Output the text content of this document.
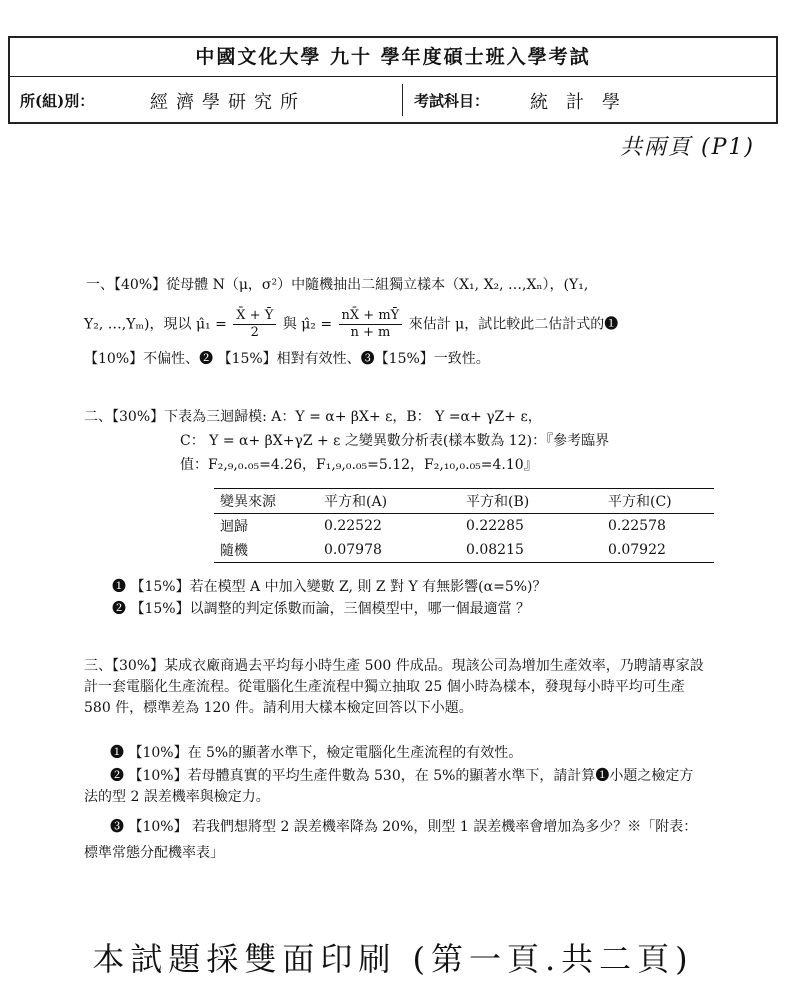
中國文化大學 九十 學年度碩士班入學考試
所(組)別：	經濟學研究所	考試科目： 統計學
共兩頁 (P1)
一、【40%】從母體 N（μ，σ²）中隨機抽出二組獨立樣本（X₁, X₂, …,Xₙ），(Y₁,
Y₂, …,Yₘ)，現以 μ̂₁ = $\frac{X̄ + Ȳ}{2}$ 與 μ̂₂ = $\frac{nX̄ + mȲ}{n + m}$ 來估計 μ，試比較此二估計式的❶
【10%】不偏性、❷ 【15%】相對有效性、❸【15%】一致性。
二、【30%】下表為三迴歸模: A：Y = α+ βX+ ε，B： Y =α+ γZ+ ε，
C： Y = α+ βX+γZ + ε 之變異數分析表(樣本數為 12)：『參考臨界
值：F₂,₉,₀.₀₅=4.26，F₁,₉,₀.₀₅=5.12，F₂,₁₀,₀.₀₅=4.10』
變異來源	平方和(A)	平方和(B)	平方和(C)
迴歸	0.22522	0.22285	0.22578
隨機	0.07978	0.08215	0.07922
❶ 【15%】若在模型 A 中加入變數 Z, 則 Z 對 Y 有無影響(α=5%)？
❷ 【15%】以調整的判定係數而論，三個模型中，哪一個最適當 ？
三、【30%】某成衣廠商過去平均每小時生產 500 件成品。現該公司為增加生產效率，乃聘請專家設計一套電腦化生產流程。從電腦化生產流程中獨立抽取 25 個小時為樣本，發現每小時平均可生產 580 件，標準差為 120 件。請利用大樣本檢定回答以下小題。
❶ 【10%】在 5%的顯著水準下，檢定電腦化生產流程的有效性。
❷ 【10%】若母體真實的平均生產件數為 530，在 5%的顯著水準下，請計算❶小題之檢定方法的型 2 誤差機率與檢定力。
❸ 【10%】 若我們想將型 2 誤差機率降為 20%，則型 1 誤差機率會增加為多少？※「附表：標準常態分配機率表」
本試題採雙面印刷 (第一頁.共二頁)
